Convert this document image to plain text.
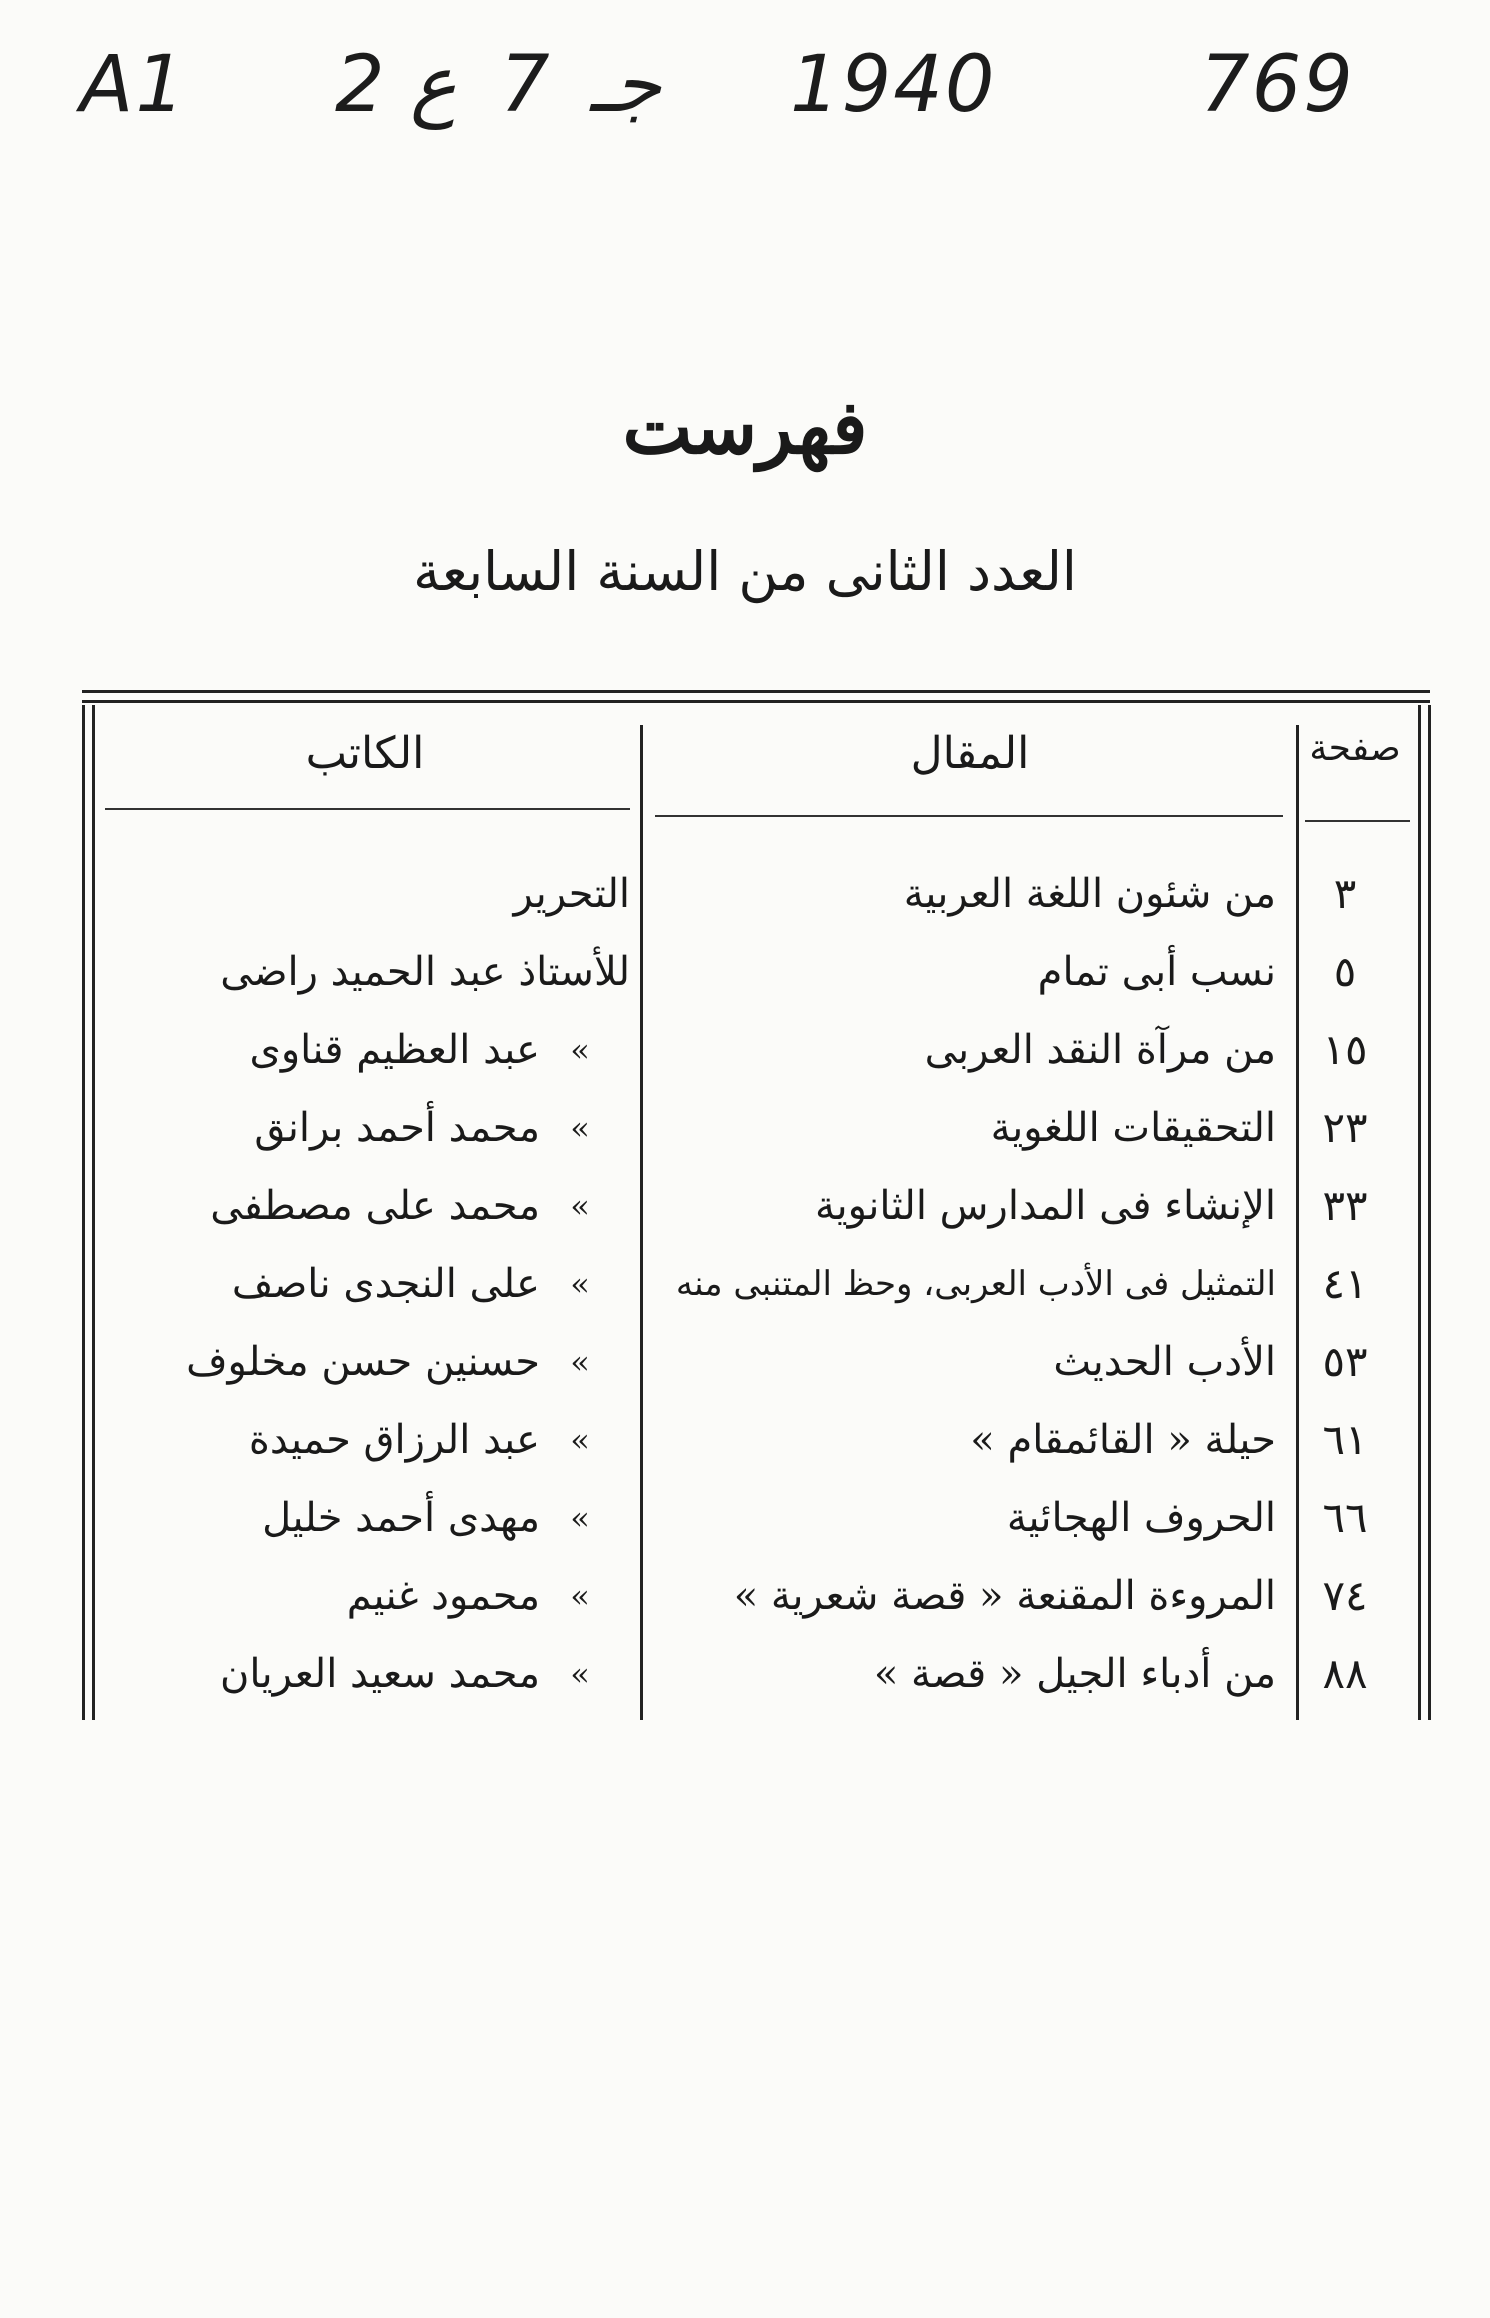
A1 2 ع 7 جـ 1940	769
فهرست
العدد الثانى من السنة السابعة
صفحة
المقال
الكاتب
٣
من شئون اللغة العربية
التحرير
٥
نسب أبى تمام
للأستاذ عبد الحميد راضى
١٥
من مرآة النقد العربى
«
عبد العظيم قناوى
٢٣
التحقيقات اللغوية
«
محمد أحمد برانق
٣٣
الإنشاء فى المدارس الثانوية
«
محمد على مصطفى
٤١
التمثيل فى الأدب العربى، وحظ المتنبى منه
«
على النجدى ناصف
٥٣
الأدب الحديث
«
حسنين حسن مخلوف
٦١
حيلة « القائمقام »
«
عبد الرزاق حميدة
٦٦
الحروف الهجائية
«
مهدى أحمد خليل
٧٤
المروءة المقنعة « قصة شعرية »
«
محمود غنيم
٨٨
من أدباء الجيل « قصة »
«
محمد سعيد العريان
